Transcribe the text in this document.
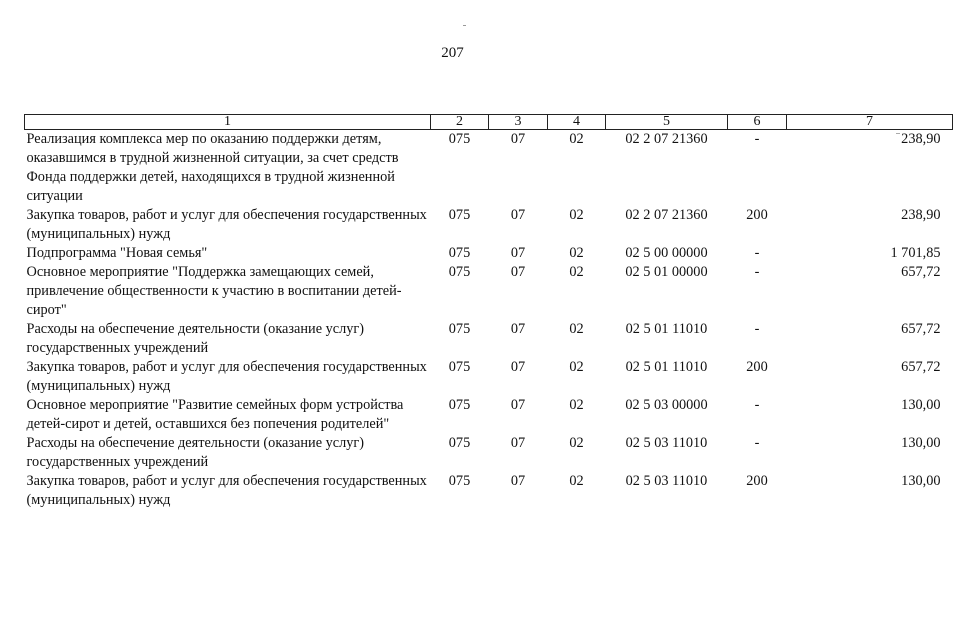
207
1	2	3	4	5	6	7
Реализация комплекса мер по оказанию поддержки детям, оказавшимся в трудной жизненной ситуации, за счет средств Фонда поддержки детей, находящихся в трудной жизненной ситуации	075	07	02	02 2 07 21360	-	238,90
Закупка товаров, работ и услуг для обеспечения государственных (муниципальных) нужд	075	07	02	02 2 07 21360	200	238,90
Подпрограмма "Новая семья"	075	07	02	02 5 00 00000	-	1 701,85
Основное мероприятие "Поддержка замещающих семей, привлечение общественности к участию в воспитании детей-сирот"	075	07	02	02 5 01 00000	-	657,72
Расходы на обеспечение деятельности (оказание услуг) государственных учреждений	075	07	02	02 5 01 11010	-	657,72
Закупка товаров, работ и услуг для обеспечения государственных (муниципальных) нужд	075	07	02	02 5 01 11010	200	657,72
Основное мероприятие "Развитие семейных форм устройства детей-сирот и детей, оставшихся без попечения родителей"	075	07	02	02 5 03 00000	-	130,00
Расходы на обеспечение деятельности (оказание услуг) государственных учреждений	075	07	02	02 5 03 11010	-	130,00
Закупка товаров, работ и услуг для обеспечения государственных (муниципальных) нужд	075	07	02	02 5 03 11010	200	130,00
